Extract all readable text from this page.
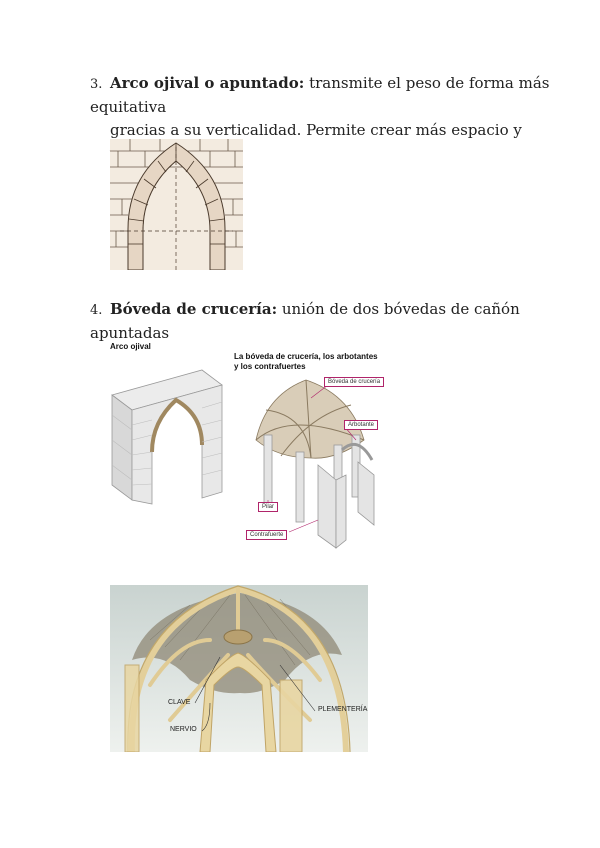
3. Arco ojival o apuntado: transmite el peso de forma más equitativa
gracias a su verticalidad. Permite crear más espacio y
4. Bóveda de crucería: unión de dos bóvedas de cañón apuntadas
Arco ojival
La bóveda de crucería, los arbotantes
y los contrafuertes
Bóveda de crucería
Arbotante
Pilar
Contrafuerte
CLAVE
NERVIO
PLEMENTERÍA
